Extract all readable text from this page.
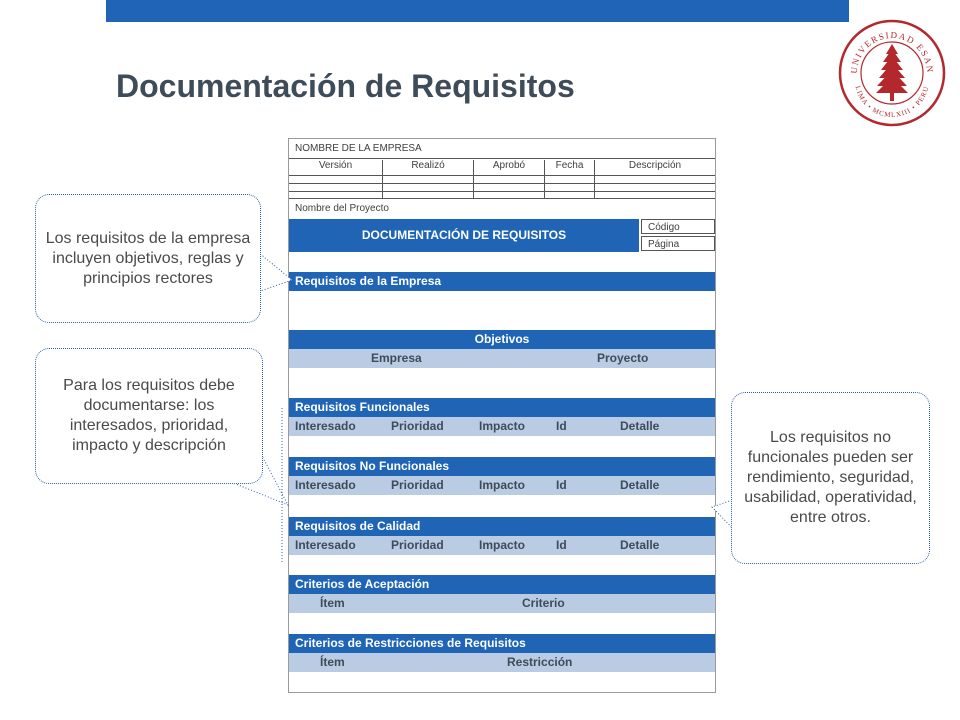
Documentación de Requisitos	UNIVERSIDAD ESAN
LIMA • MCMLXIII • PERU
NOMBRE DE LA EMPRESA
Versión	Realizó	Aprobó	Fecha	Descripción
Nombre del Proyecto
DOCUMENTACIÓN DE REQUISITOS
Código
Página
Requisitos de la Empresa
Objetivos
Empresa	Proyecto
Requisitos Funcionales
Interesado	Prioridad	Impacto	Id	Detalle
Requisitos No Funcionales
Interesado	Prioridad	Impacto	Id	Detalle
Requisitos de Calidad
Interesado	Prioridad	Impacto	Id	Detalle
Criterios de Aceptación
Ítem	Criterio
Criterios de Restricciones de Requisitos
Ítem	Restricción
Los requisitos de la empresa incluyen objetivos, reglas y principios rectores
Para los requisitos debe documentarse: los interesados, prioridad, impacto y descripción	Los requisitos no funcionales pueden ser rendimiento, seguridad, usabilidad, operatividad, entre otros.
